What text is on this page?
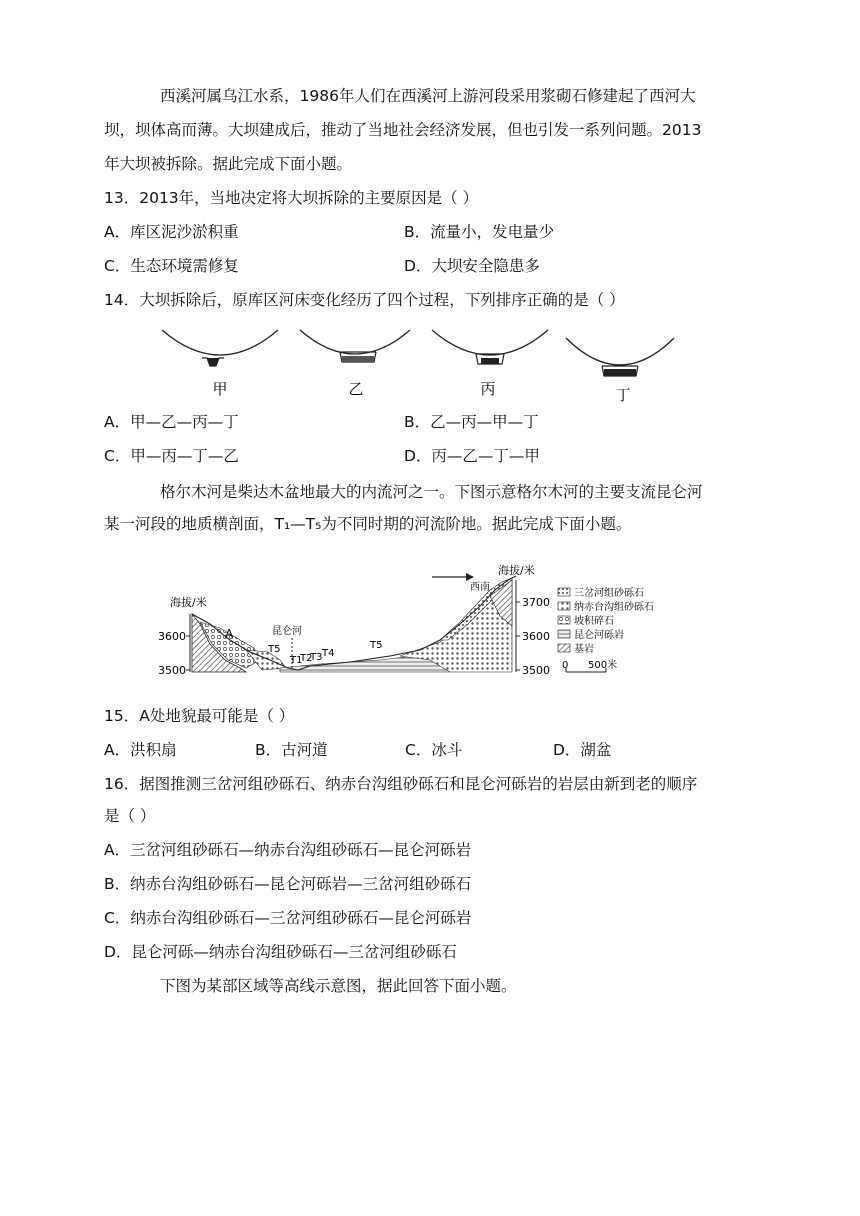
西溪河属乌江水系，1986年人们在西溪河上游河段采用浆砌石修建起了西河大
坝，坝体高而薄。大坝建成后，推动了当地社会经济发展，但也引发一系列问题。2013
年大坝被拆除。据此完成下面小题。
13．2013年，当地决定将大坝拆除的主要原因是（ ）
A．库区泥沙淤积重	B．流量小，发电量少
C．生态环境需修复	D．大坝安全隐患多
14．大坝拆除后，原库区河床变化经历了四个过程，下列排序正确的是（ ）
甲	乙	丙	丁
A．甲—乙—丙—丁	B．乙—丙—甲—丁
C．甲—丙—丁—乙	D．丙—乙—丁—甲
格尔木河是柴达木盆地最大的内流河之一。下图示意格尔木河的主要支流昆仑河
某一河段的地质横剖面，T₁—T₅为不同时期的河流阶地。据此完成下面小题。
海拔/米
3600
3500
海拔/米
3700
3600
3500
西南
A	昆仑河
T5
T1
T2
T3 T4
T5
三岔河组砂砾石
纳赤台沟组砂砾石
坡积碎石
昆仑河砾岩
基岩
0 500米
15．A处地貌最可能是（ ）
A．洪积扇	B．古河道	C．冰斗	D．湖盆
16．据图推测三岔河组砂砾石、纳赤台沟组砂砾石和昆仑河砾岩的岩层由新到老的顺序
是（ ）
A．三岔河组砂砾石—纳赤台沟组砂砾石—昆仑河砾岩
B．纳赤台沟组砂砾石—昆仑河砾岩—三岔河组砂砾石
C．纳赤台沟组砂砾石—三岔河组砂砾石—昆仑河砾岩
D．昆仑河砾—纳赤台沟组砂砾石—三岔河组砂砾石
下图为某部区域等高线示意图，据此回答下面小题。
